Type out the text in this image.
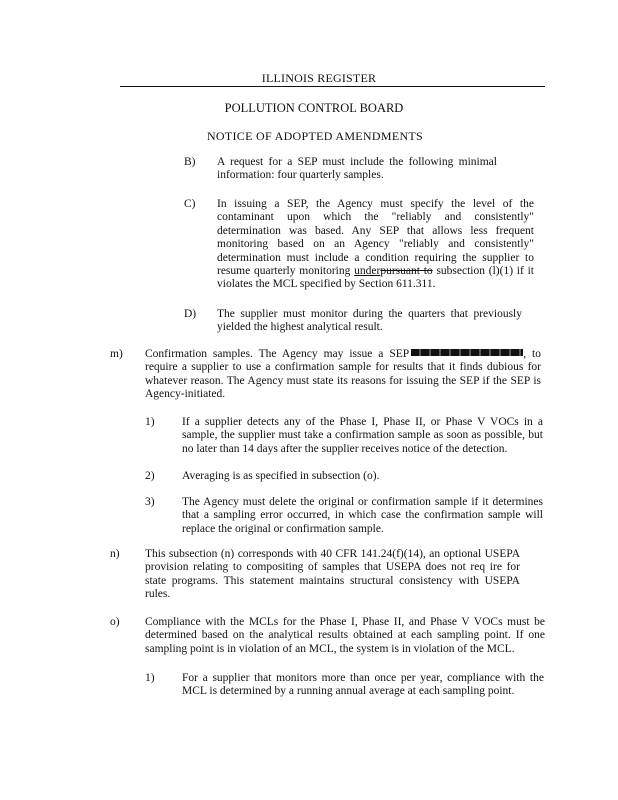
ILLINOIS REGISTER
POLLUTION CONTROL BOARD
NOTICE OF ADOPTED AMENDMENTS
B) A request for a SEP must include the following minimal information: four quarterly samples.
C) In issuing a SEP, the Agency must specify the level of the contaminant upon which the "reliably and consistently" determination was based. Any SEP that allows less frequent monitoring based on an Agency "reliably and consistently" determination must include a condition requiring the supplier to resume quarterly monitoring underpursuant to subsection (l)(1) if it violates the MCL specified by Section 611.311.
D) The supplier must monitor during the quarters that previously yielded the highest analytical result.
m) Confirmation samples. The Agency may issue a SEP	, to require a supplier to use a confirmation sample for results that it finds dubious for whatever reason. The Agency must state its reasons for issuing the SEP if the SEP is Agency-initiated.
1) If a supplier detects any of the Phase I, Phase II, or Phase V VOCs in a sample, the supplier must take a confirmation sample as soon as possible, but no later than 14 days after the supplier receives notice of the detection.
2) Averaging is as specified in subsection (o).
3) The Agency must delete the original or confirmation sample if it determines that a sampling error occurred, in which case the confirmation sample will replace the original or confirmation sample.
n) This subsection (n) corresponds with 40 CFR 141.24(f)(14), an optional USEPA provision relating to compositing of samples that USEPA does not req ire for state programs. This statement maintains structural consistency with USEPA rules.
o) Compliance with the MCLs for the Phase I, Phase II, and Phase V VOCs must be determined based on the analytical results obtained at each sampling point. If one sampling point is in violation of an MCL, the system is in violation of the MCL.
1) For a supplier that monitors more than once per year, compliance with the MCL is determined by a running annual average at each sampling point.
